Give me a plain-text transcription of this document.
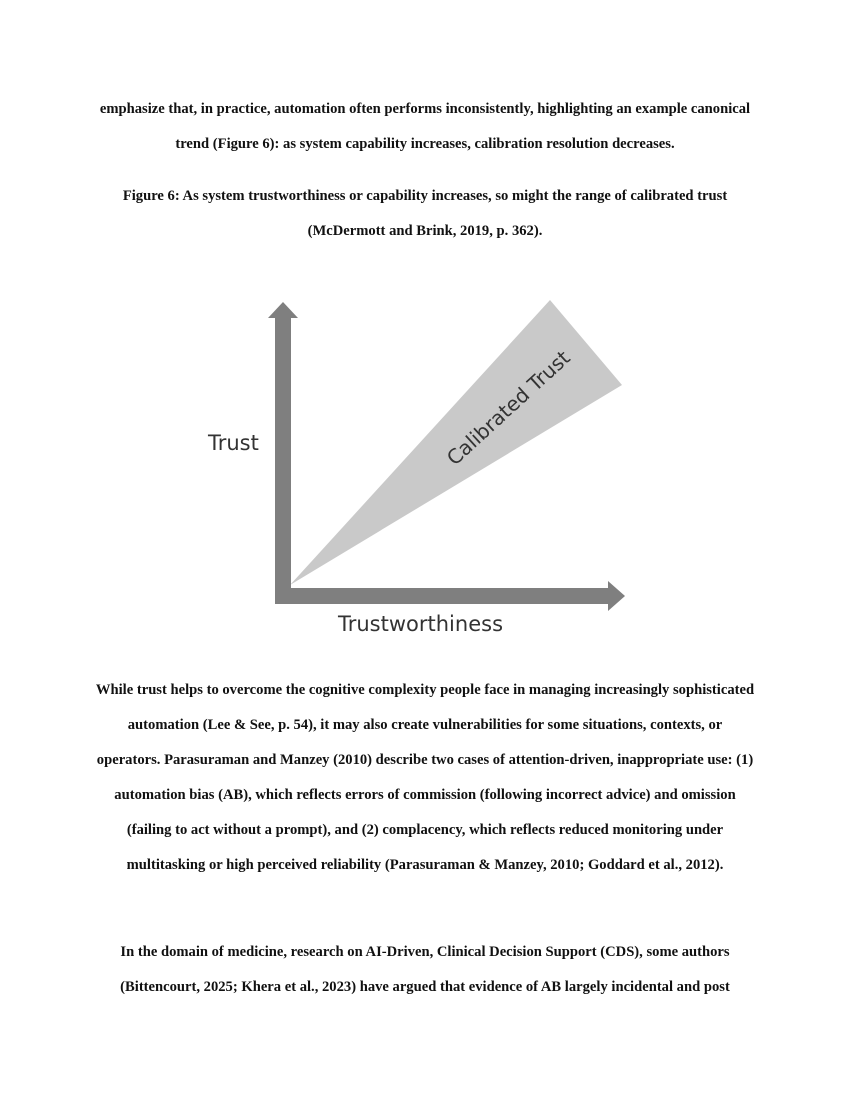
emphasize that, in practice, automation often performs inconsistently, highlighting an example canonical trend (Figure 6): as system capability increases, calibration resolution decreases.

Figure 6: As system trustworthiness or capability increases, so might the range of calibrated trust (McDermott and Brink, 2019, p. 362).

Trust
Trustworthiness
Calibrated Trust

While trust helps to overcome the cognitive complexity people face in managing increasingly sophisticated automation (Lee & See, p. 54), it may also create vulnerabilities for some situations, contexts, or operators. Parasuraman and Manzey (2010) describe two cases of attention-driven, inappropriate use: (1) automation bias (AB), which reflects errors of commission (following incorrect advice) and omission (failing to act without a prompt), and (2) complacency, which reflects reduced monitoring under multitasking or high perceived reliability (Parasuraman & Manzey, 2010; Goddard et al., 2012).

In the domain of medicine, research on AI-Driven, Clinical Decision Support (CDS), some authors (Bittencourt, 2025; Khera et al., 2023) have argued that evidence of AB largely incidental and post
